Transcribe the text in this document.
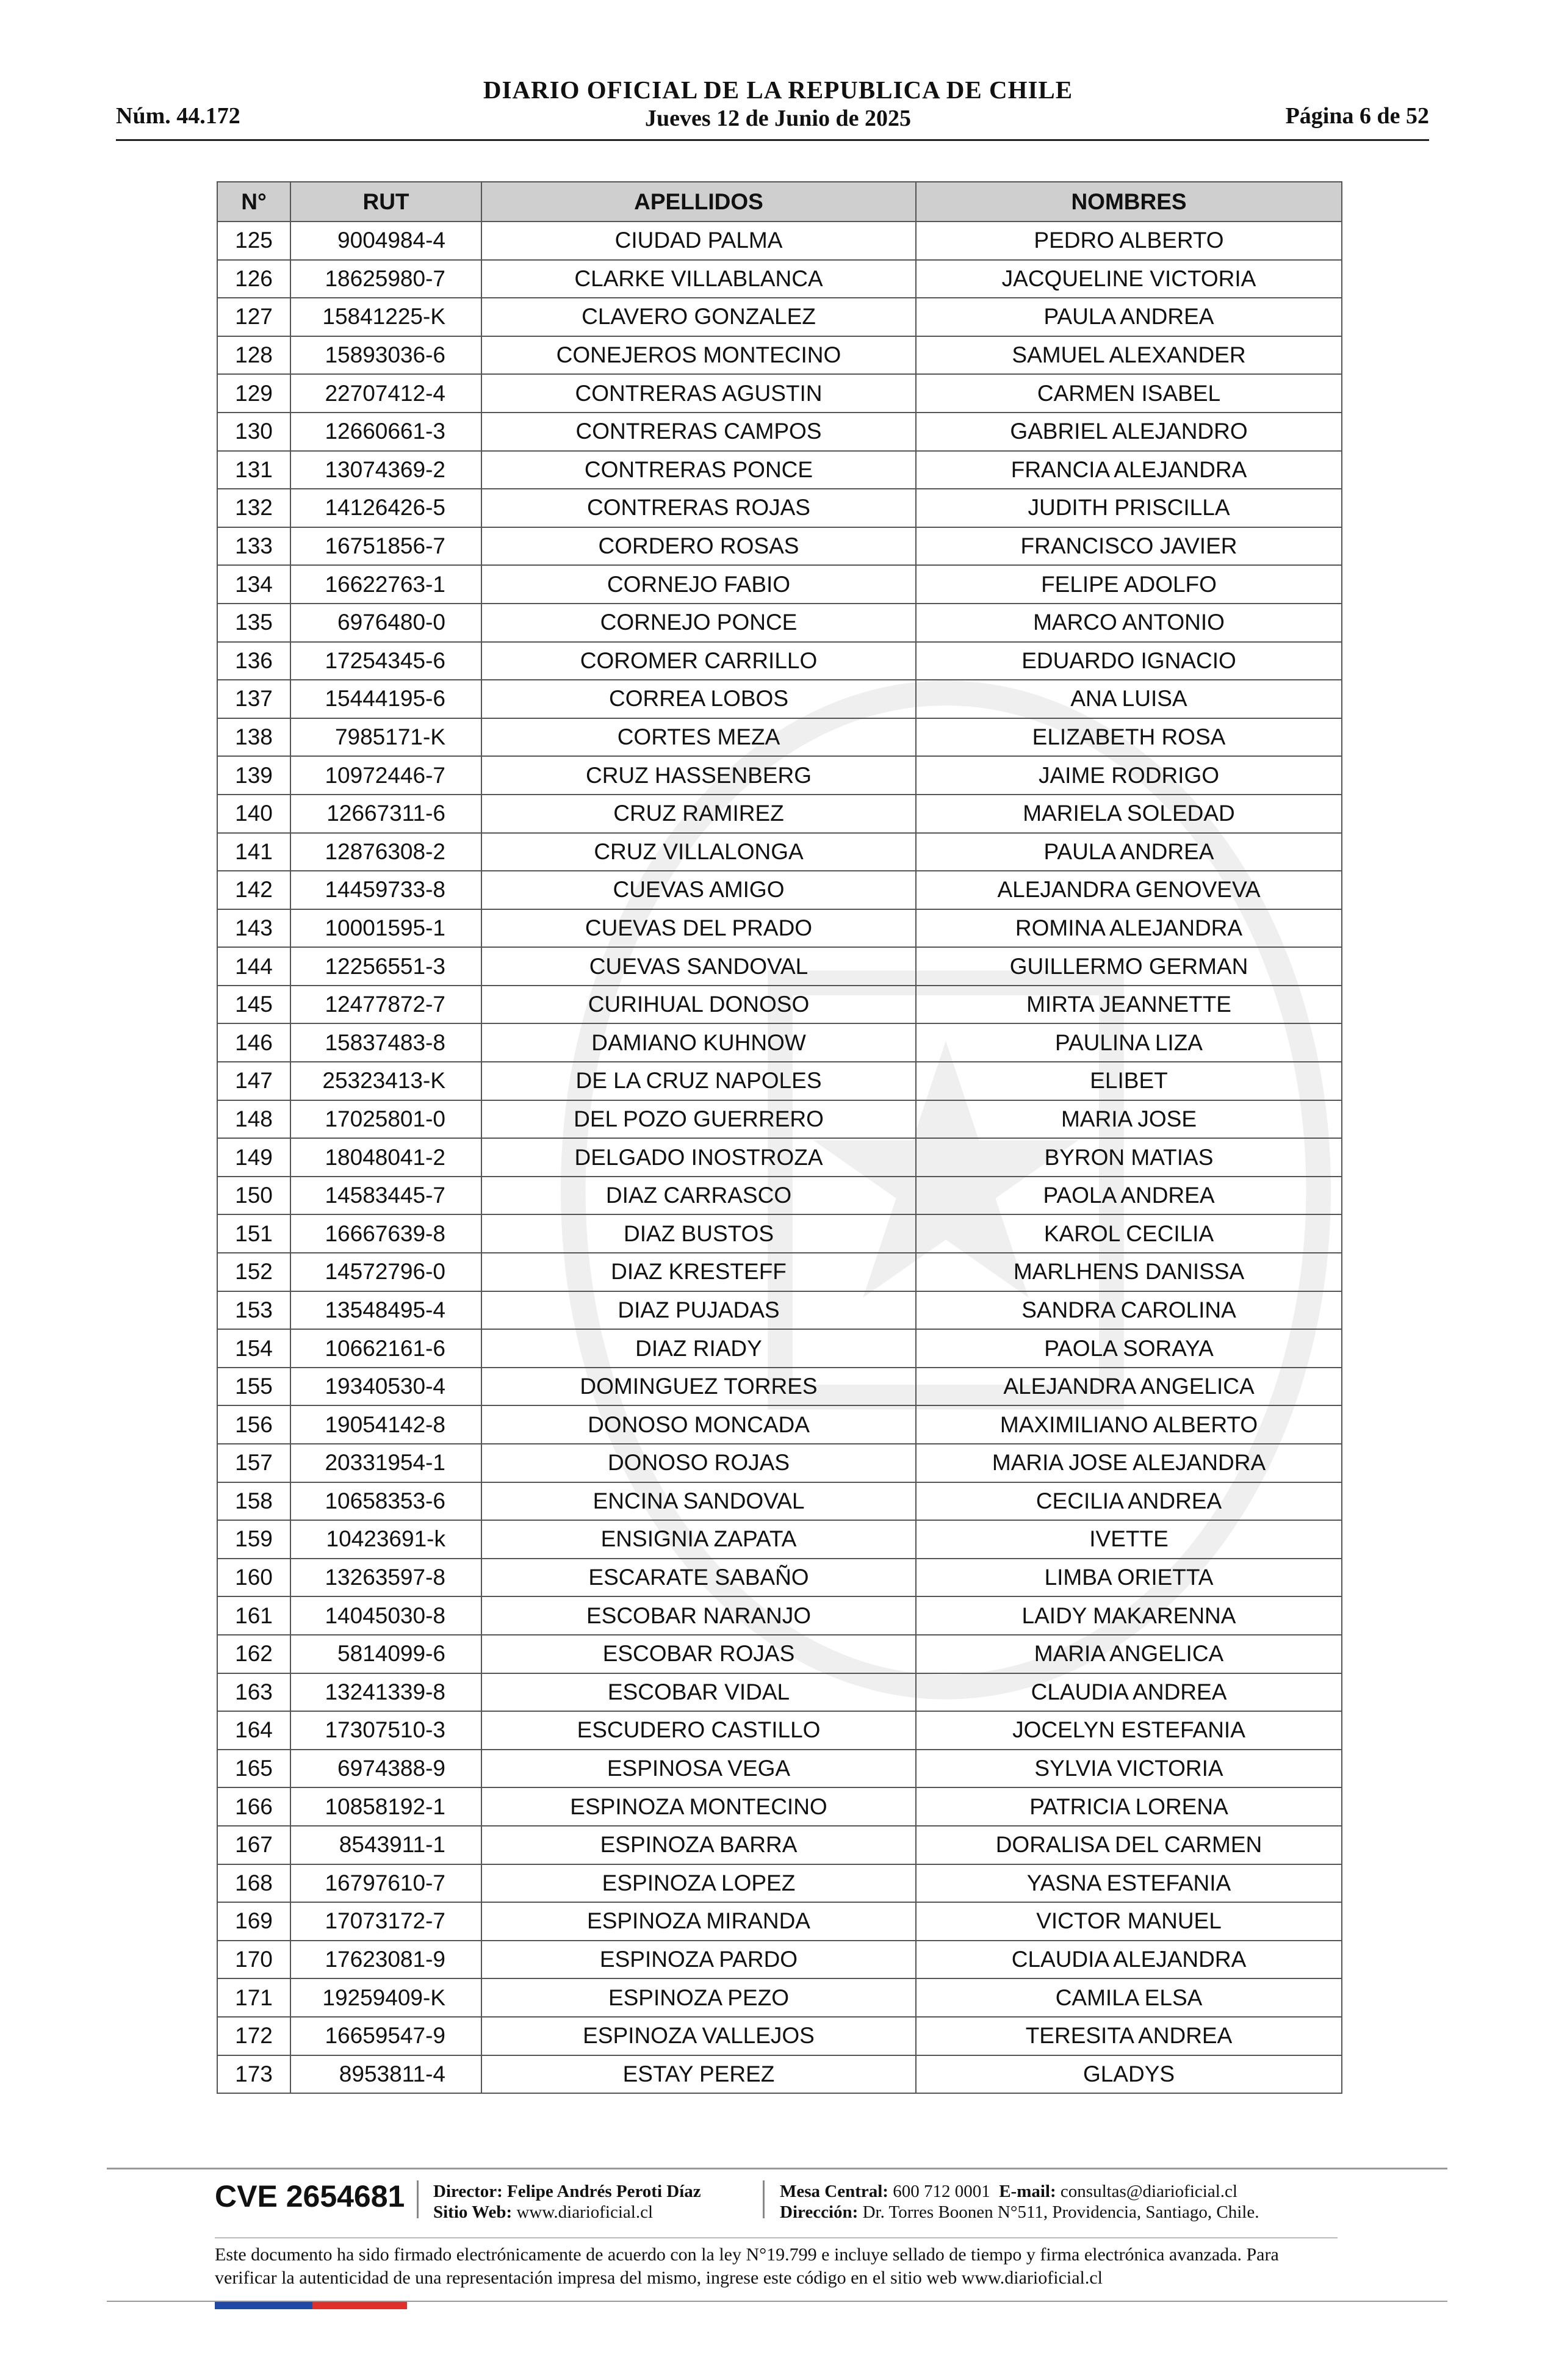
Núm. 44.172
DIARIO OFICIAL DE LA REPUBLICA DE CHILE
Jueves 12 de Junio de 2025	Página 6 de 52
N°	RUT	APELLIDOS	NOMBRES
125	9004984-4	CIUDAD PALMA	PEDRO ALBERTO
126	18625980-7	CLARKE VILLABLANCA	JACQUELINE VICTORIA
127	15841225-K	CLAVERO GONZALEZ	PAULA ANDREA
128	15893036-6	CONEJEROS MONTECINO	SAMUEL ALEXANDER
129	22707412-4	CONTRERAS AGUSTIN	CARMEN ISABEL
130	12660661-3	CONTRERAS CAMPOS	GABRIEL ALEJANDRO
131	13074369-2	CONTRERAS PONCE	FRANCIA ALEJANDRA
132	14126426-5	CONTRERAS ROJAS	JUDITH PRISCILLA
133	16751856-7	CORDERO ROSAS	FRANCISCO JAVIER
134	16622763-1	CORNEJO FABIO	FELIPE ADOLFO
135	6976480-0	CORNEJO PONCE	MARCO ANTONIO
136	17254345-6	COROMER CARRILLO	EDUARDO IGNACIO
137	15444195-6	CORREA LOBOS	ANA LUISA
138	7985171-K	CORTES MEZA	ELIZABETH ROSA
139	10972446-7	CRUZ HASSENBERG	JAIME RODRIGO
140	12667311-6	CRUZ RAMIREZ	MARIELA SOLEDAD
141	12876308-2	CRUZ VILLALONGA	PAULA ANDREA
142	14459733-8	CUEVAS AMIGO	ALEJANDRA GENOVEVA
143	10001595-1	CUEVAS DEL PRADO	ROMINA ALEJANDRA
144	12256551-3	CUEVAS SANDOVAL	GUILLERMO GERMAN
145	12477872-7	CURIHUAL DONOSO	MIRTA JEANNETTE
146	15837483-8	DAMIANO KUHNOW	PAULINA LIZA
147	25323413-K	DE LA CRUZ NAPOLES	ELIBET
148	17025801-0	DEL POZO GUERRERO	MARIA JOSE
149	18048041-2	DELGADO INOSTROZA	BYRON MATIAS
150	14583445-7	DIAZ CARRASCO	PAOLA ANDREA
151	16667639-8	DIAZ BUSTOS	KAROL CECILIA
152	14572796-0	DIAZ KRESTEFF	MARLHENS DANISSA
153	13548495-4	DIAZ PUJADAS	SANDRA CAROLINA
154	10662161-6	DIAZ RIADY	PAOLA SORAYA
155	19340530-4	DOMINGUEZ TORRES	ALEJANDRA ANGELICA
156	19054142-8	DONOSO MONCADA	MAXIMILIANO ALBERTO
157	20331954-1	DONOSO ROJAS	MARIA JOSE ALEJANDRA
158	10658353-6	ENCINA SANDOVAL	CECILIA ANDREA
159	10423691-k	ENSIGNIA ZAPATA	IVETTE
160	13263597-8	ESCARATE SABAÑO	LIMBA ORIETTA
161	14045030-8	ESCOBAR NARANJO	LAIDY MAKARENNA
162	5814099-6	ESCOBAR ROJAS	MARIA ANGELICA
163	13241339-8	ESCOBAR VIDAL	CLAUDIA ANDREA
164	17307510-3	ESCUDERO CASTILLO	JOCELYN ESTEFANIA
165	6974388-9	ESPINOSA VEGA	SYLVIA VICTORIA
166	10858192-1	ESPINOZA MONTECINO	PATRICIA LORENA
167	8543911-1	ESPINOZA BARRA	DORALISA DEL CARMEN
168	16797610-7	ESPINOZA LOPEZ	YASNA ESTEFANIA
169	17073172-7	ESPINOZA MIRANDA	VICTOR MANUEL
170	17623081-9	ESPINOZA PARDO	CLAUDIA ALEJANDRA
171	19259409-K	ESPINOZA PEZO	CAMILA ELSA
172	16659547-9	ESPINOZA VALLEJOS	TERESITA ANDREA
173	8953811-4	ESTAY PEREZ	GLADYS
CVE 2654681 Director: Felipe Andrés Peroti Díaz
Sitio Web: www.diarioficial.cl
Mesa Central: 600 712 0001 E-mail: consultas@diarioficial.cl
Dirección: Dr. Torres Boonen N°511, Providencia, Santiago, Chile.
Este documento ha sido firmado electrónicamente de acuerdo con la ley N°19.799 e incluye sellado de tiempo y firma electrónica avanzada. Para verificar la autenticidad de una representación impresa del mismo, ingrese este código en el sitio web www.diarioficial.cl
